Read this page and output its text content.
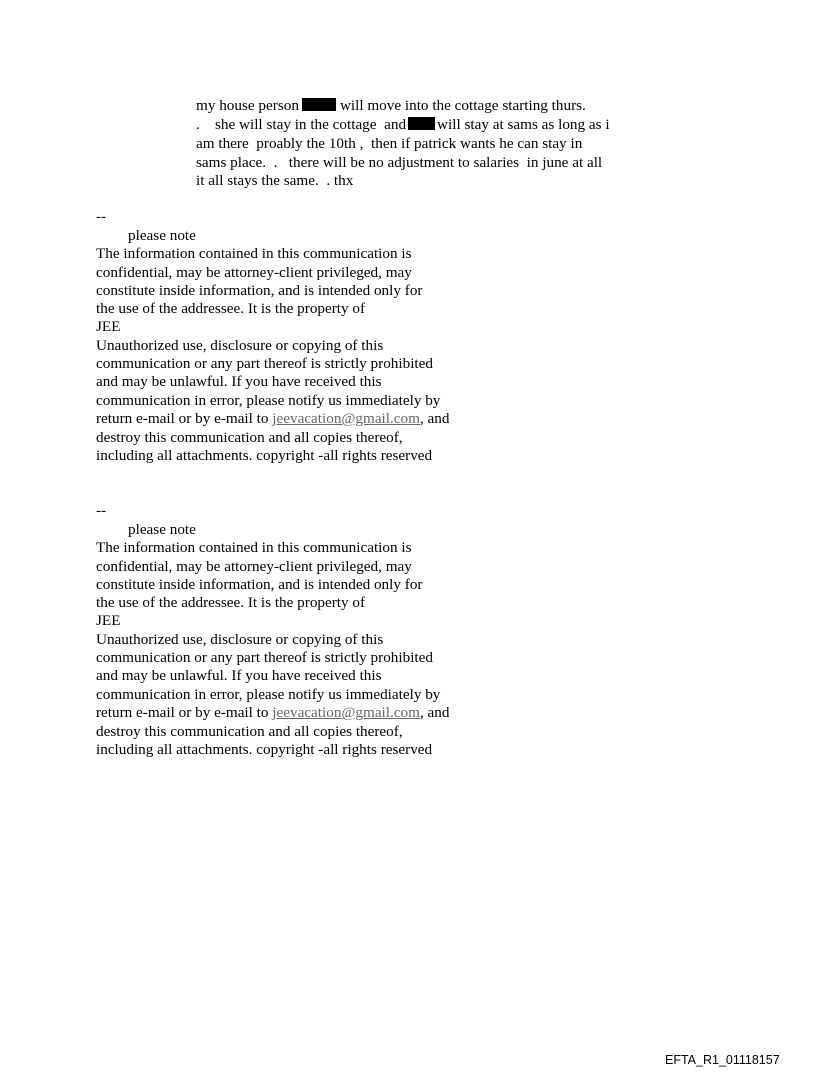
my house person	will move into the cottage starting thurs.
.    she will stay in the cottage  and will stay at sams as long as i
am there  proably the 10th ,  then if patrick wants he can stay in
sams place.  .   there will be no adjustment to salaries  in june at all
it all stays the same.  . thx
--
please note
The information contained in this communication is
confidential, may be attorney-client privileged, may
constitute inside information, and is intended only for
the use of the addressee. It is the property of
JEE
Unauthorized use, disclosure or copying of this
communication or any part thereof is strictly prohibited
and may be unlawful. If you have received this
communication in error, please notify us immediately by
return e-mail or by e-mail to jeevacation@gmail.com, and
destroy this communication and all copies thereof,
including all attachments. copyright -all rights reserved
--
please note
The information contained in this communication is
confidential, may be attorney-client privileged, may
constitute inside information, and is intended only for
the use of the addressee. It is the property of
JEE
Unauthorized use, disclosure or copying of this
communication or any part thereof is strictly prohibited
and may be unlawful. If you have received this
communication in error, please notify us immediately by
return e-mail or by e-mail to jeevacation@gmail.com, and
destroy this communication and all copies thereof,
including all attachments. copyright -all rights reserved
EFTA_R1_01118157
